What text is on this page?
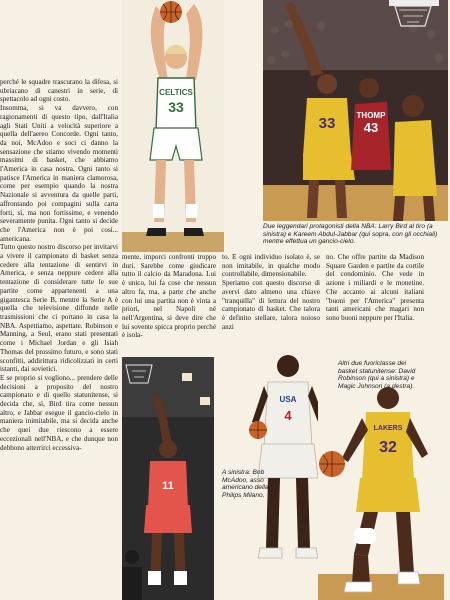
CELTICS
33
33	THOMP
43
11
USA
4
LAKERS
32
perché le squadre trascurano la difesa, si ubriacano di canestri in serie, di spettacolo ad ogni costo.
Insomma, si va davvero, con ragionamenti di questo tipo, dall'Italia agli Stati Uniti a velocità superiore a quella dell'aereo Concorde. Ogni tanto, da noi, McAdoo e soci ci danno la sensazione che stiamo vivendo momenti massimi di basket, che abbiamo l'America in casa nostra. Ogni tanto si patisce l'America in maniera clamorosa, come per esempio quando la nostra Nazionale si avventura da quelle parti, affrontando poi compagini sulla carta forti, sì, ma non fortissime, e venendo severamente punita. Ogni tanto si decide che l'America non è poi così... americana.
Tutto questo nostro discorso per invitarvi a vivere il campionato di basket senza cedere alla tentazione di sentirvi in America, e senza neppure cedere alla tentazione di considerare tutte le sue partite come appartenenti a una gigantesca Serie B, mentre la Serie A è quella che televisione diffonde nelle trasmissioni che ci portano in casa la NBA. Aspettiamo, aspettate. Robinson e Manning, a Seul, erano stati presentati come i Michael Jordan e gli Isiah Thomas del prossimo futuro, e sono stati sconfitti, addirittura ridicolizzati in certi istanti, dai sovietici.
E se proprio si vogliono... prendere delle decisioni a proposito del nostro campionato e di quello statunitense, si decida che, sì, Bird tira come nessun altro, e Jabbar esegue il gancio-cielo in maniera inimitabile, ma si decida anche che quei due riescono a essere eccezionali nell'NBA, e che dunque non debbono atterrirci eccessiva-
mente, imporci confronti troppo duri. Sarebbe come giudicare tutto il calcio da Maradona. Lui è unico, lui fa cose che nessun altro fa, ma, a parte che anche con lui una partita non è vinta a priori, nel Napoli né nell'Argentina, si deve dire che lui sovente spicca proprio perché è isola-
to. E ogni individuo isolato è, se non imitabile, in qualche modo controllabile, dimensionabile.
Speriamo con questo discorso di avervi dato almeno una chiave "tranquilla" di lettura del nostro campionato di basket. Che talora è definito stellare, talora noioso anzi
no. Che offre partite da Madison Square Garden e partite da cortile del condominio. Che vede in azione i miliardi e le monetine. Che accanto ai alcuni italiani "buoni per l'America" presenta tanti americani che magari non sono buoni neppure per l'Italia.
Due leggendari protagonisti della NBA: Larry Bird al tiro (a sinistra) e Kareem Abdul-Jabbar (qui sopra, con gli occhiali) mentre effettua un gancio-cielo.
Altri due fuoriclasse dei basket statunitense: David Robinson (qui a sinistra) e Magic Johnson (a destra).
A sinistra: Bob McAdoo, asso americano della Philips Milano.
